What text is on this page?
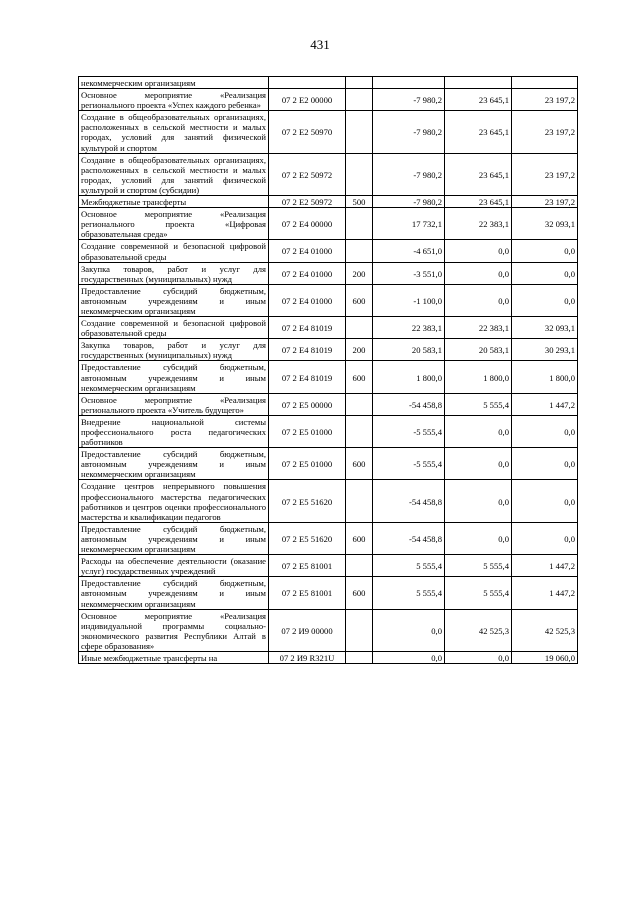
431
некоммерческим организациям					
Основное мероприятие «Реализация регионального проекта «Успех каждого ребенка»	07 2 E2 00000		-7 980,2	23 645,1	23 197,2
Создание в общеобразовательных организациях, расположенных в сельской местности и малых городах, условий для занятий физической культурой и спортом	07 2 E2 50970		-7 980,2	23 645,1	23 197,2
Создание в общеобразовательных организациях, расположенных в сельской местности и малых городах, условий для занятий физической культурой и спортом (субсидии)	07 2 E2 50972		-7 980,2	23 645,1	23 197,2
Межбюджетные трансферты	07 2 E2 50972	500	-7 980,2	23 645,1	23 197,2
Основное мероприятие «Реализация регионального проекта «Цифровая образовательная среда»	07 2 E4 00000		17 732,1	22 383,1	32 093,1
Создание современной и безопасной цифровой образовательной среды	07 2 E4 01000		-4 651,0	0,0	0,0
Закупка товаров, работ и услуг для государственных (муниципальных) нужд	07 2 E4 01000	200	-3 551,0	0,0	0,0
Предоставление субсидий бюджетным, автономным учреждениям и иным некоммерческим организациям	07 2 E4 01000	600	-1 100,0	0,0	0,0
Создание современной и безопасной цифровой образовательной среды	07 2 E4 81019		22 383,1	22 383,1	32 093,1
Закупка товаров, работ и услуг для государственных (муниципальных) нужд	07 2 E4 81019	200	20 583,1	20 583,1	30 293,1
Предоставление субсидий бюджетным, автономным учреждениям и иным некоммерческим организациям	07 2 E4 81019	600	1 800,0	1 800,0	1 800,0
Основное мероприятие «Реализация регионального проекта «Учитель будущего»	07 2 E5 00000		-54 458,8	5 555,4	1 447,2
Внедрение национальной системы профессионального роста педагогических работников	07 2 E5 01000		-5 555,4	0,0	0,0
Предоставление субсидий бюджетным, автономным учреждениям и иным некоммерческим организациям	07 2 E5 01000	600	-5 555,4	0,0	0,0
Создание центров непрерывного повышения профессионального мастерства педагогических работников и центров оценки профессионального мастерства и квалификации педагогов	07 2 E5 51620		-54 458,8	0,0	0,0
Предоставление субсидий бюджетным, автономным учреждениям и иным некоммерческим организациям	07 2 E5 51620	600	-54 458,8	0,0	0,0
Расходы на обеспечение деятельности (оказание услуг) государственных учреждений	07 2 E5 81001		5 555,4	5 555,4	1 447,2
Предоставление субсидий бюджетным, автономным учреждениям и иным некоммерческим организациям	07 2 E5 81001	600	5 555,4	5 555,4	1 447,2
Основное мероприятие «Реализация индивидуальной программы социально-экономического развития Республики Алтай в сфере образования»	07 2 И9 00000		0,0	42 525,3	42 525,3
Иные межбюджетные трансферты на	07 2 И9 R321U		0,0	0,0	19 060,0
